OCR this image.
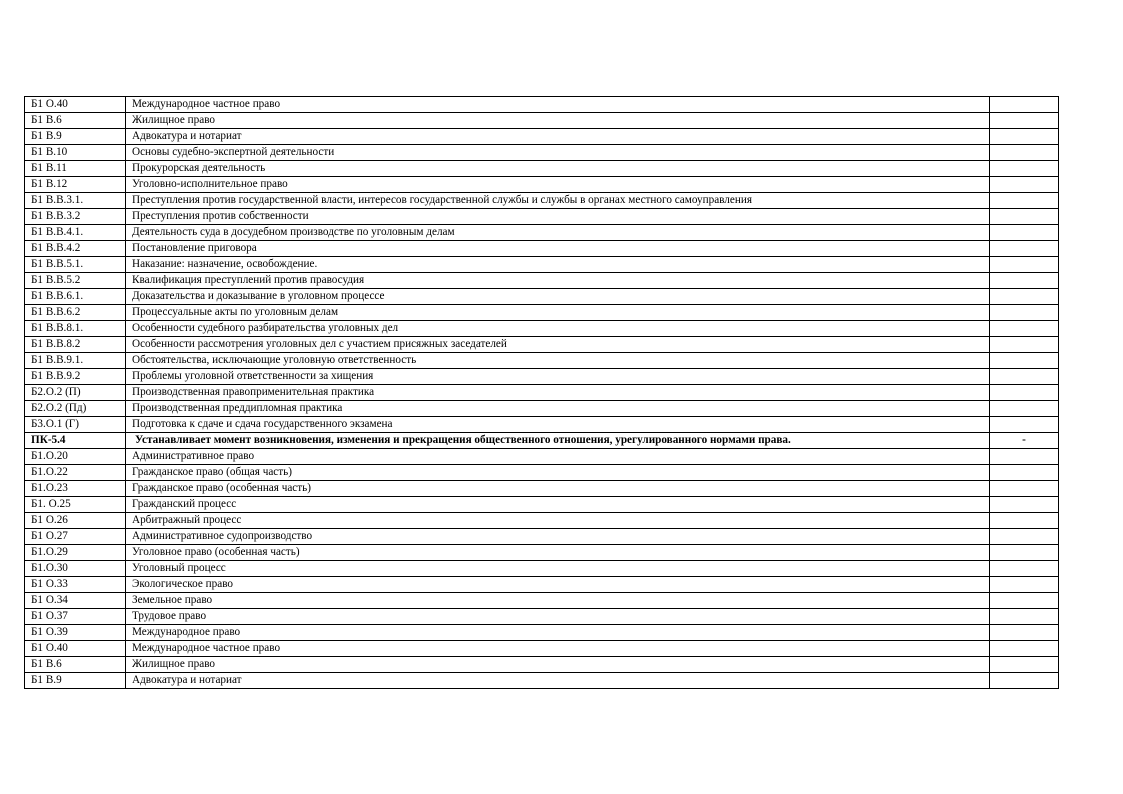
Б1 О.40	Международное частное право	
Б1 В.6	Жилищное право	
Б1 В.9	Адвокатура и нотариат	
Б1 В.10	Основы судебно-экспертной деятельности	
Б1 В.11	Прокурорская деятельность	
Б1 В.12	Уголовно-исполнительное право	
Б1 В.В.3.1.	Преступления против государственной власти, интересов государственной службы и службы в органах местного самоуправления	
Б1 В.В.3.2	Преступления против собственности	
Б1 В.В.4.1.	Деятельность суда в досудебном производстве по уголовным делам	
Б1 В.В.4.2	Постановление приговора	
Б1 В.В.5.1.	Наказание: назначение, освобождение.	
Б1 В.В.5.2	Квалификация преступлений против правосудия	
Б1 В.В.6.1.	Доказательства и доказывание в уголовном процессе	
Б1 В.В.6.2	Процессуальные акты по уголовным делам	
Б1 В.В.8.1.	Особенности судебного разбирательства уголовных дел	
Б1 В.В.8.2	Особенности рассмотрения уголовных дел с участием присяжных заседателей	
Б1 В.В.9.1.	Обстоятельства, исключающие уголовную ответственность	
Б1 В.В.9.2	Проблемы уголовной ответственности за хищения	
Б2.О.2 (П)	Производственная правоприменительная практика	
Б2.О.2 (Пд)	Производственная преддипломная практика	
Б3.О.1 (Г)	Подготовка к сдаче и сдача государственного экзамена	
ПК-5.4	Устанавливает момент возникновения, изменения и прекращения общественного отношения, урегулированного нормами права.	-
Б1.О.20	Административное право	
Б1.О.22	Гражданское право (общая часть)	
Б1.О.23	Гражданское право (особенная часть)	
Б1. О.25	Гражданский процесс	
Б1 О.26	Арбитражный процесс	
Б1 О.27	Административное судопроизводство	
Б1.О.29	Уголовное право (особенная часть)	
Б1.О.30	Уголовный процесс	
Б1 О.33	Экологическое право	
Б1 О.34	Земельное право	
Б1 О.37	Трудовое право	
Б1 О.39	Международное право	
Б1 О.40	Международное частное право	
Б1 В.6	Жилищное право	
Б1 В.9	Адвокатура и нотариат	
